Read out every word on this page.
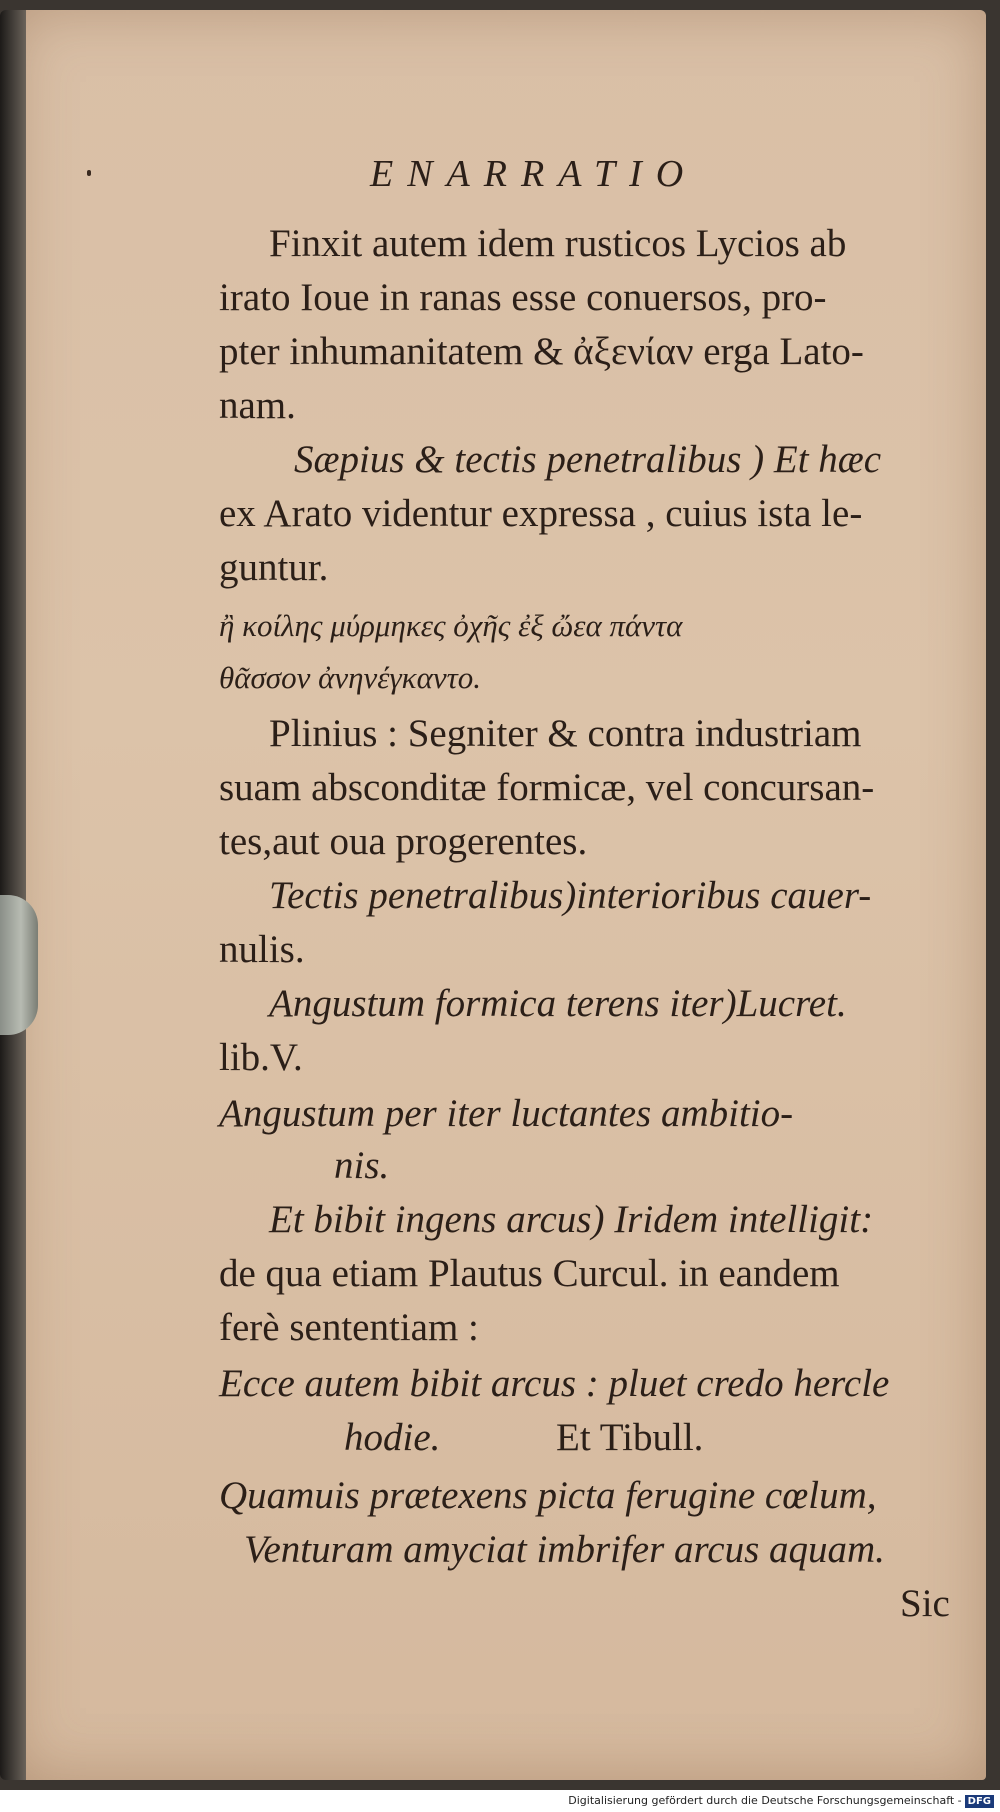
ENARRATIO
Finxit autem idem rusticos Lycios ab
irato Ioue in ranas esse conuersos, pro-
pter inhumanitatem & ἀξενίαν erga Lato-
nam.
Sæpius & tectis penetralibus ) Et hæc
ex Arato videntur expressa , cuius ista le-
guntur.
ἢ κοίλης μύρμηκες ὀχῆς ἐξ ὤεα πάντα
θᾶσσον ἀνηνέγκαντο.
Plinius : Segniter & contra industriam
suam absconditæ formicæ, vel concursan-
tes,aut oua progerentes.
Tectis penetralibus)interioribus cauer-
nulis.
Angustum formica terens iter)Lucret.
lib.V.
Angustum per iter luctantes ambitio-
nis.
Et bibit ingens arcus) Iridem intelligit:
de qua etiam Plautus Curcul. in eandem
ferè sententiam :
Ecce autem bibit arcus : pluet credo hercle
hodie.	Et Tibull.
Quamuis prætexens picta ferugine cœlum,
Venturam amyciat imbrifer arcus aquam.
Sic
Digitalisierung gefördert durch die Deutsche Forschungsgemeinschaft - DFG
